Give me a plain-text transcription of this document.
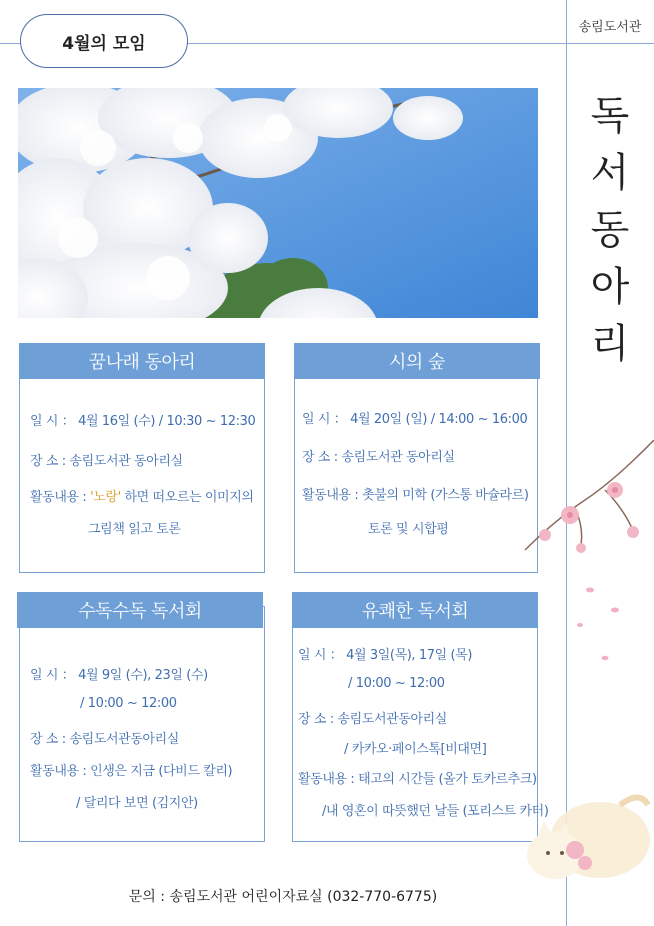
4월의 모임
송림도서관
독
서
동
아
리
꿈나래 동아리
일 시 ： 4월 16일 (수) / 10:30 ~ 12:30
장 소 : 송림도서관 동아리실
활동내용 : '노랑' 하면 떠오르는 이미지의
그림책 읽고 토론
시의 숲
일 시 ： 4월 20일 (일) / 14:00 ~ 16:00
장 소 : 송림도서관 동아리실
활동내용 : 촛불의 미학 (가스통 바슐라르)
토론 및 시합평
수독수독 독서회
일 시 ： 4월 9일 (수), 23일 (수)
/ 10:00 ~ 12:00
장 소 : 송림도서관동아리실
활동내용 : 인생은 지금 (다비드 칼리)
/ 달리다 보면 (김지안)
유쾌한 독서회
일 시 ： 4월 3일(목), 17일 (목)
/ 10:00 ~ 12:00
장 소 : 송림도서관동아리실
/ 카카오·페이스톡[비대면]
활동내용 : 태고의 시간들 (올가 토카르추크)
/내 영혼이 따뜻했던 날들 (포리스트 카터)
문의 : 송림도서관 어린이자료실 (032-770-6775)
